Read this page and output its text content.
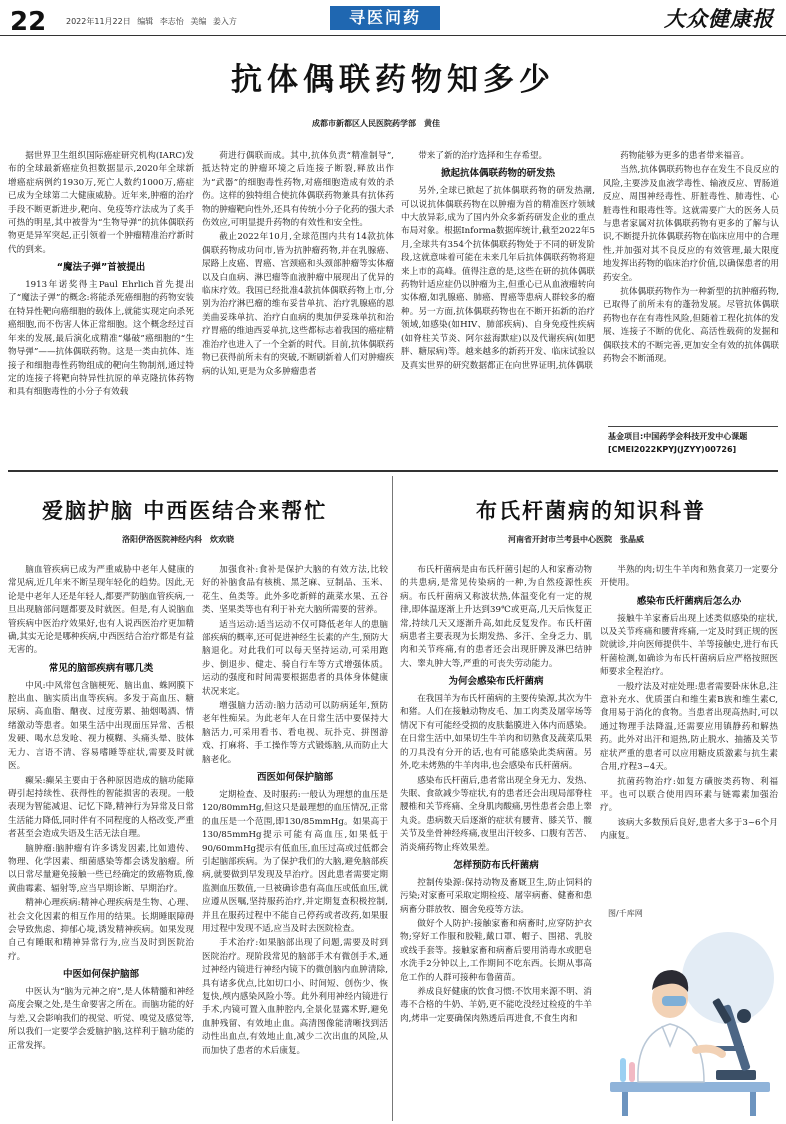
22 2022年11月22日 编辑 李志怡 美编 姜入方	寻医问药	大众健康报
抗体偶联药物知多少
成都市新都区人民医院药学部　黄佳

据世界卫生组织国际癌症研究机构(IARC)发布的全球最新癌症负担数据显示,2020年全球新增癌症病例约1930万,死亡人数约1000万,癌症已成为全球第二大健康威胁。近年来,肿瘤的治疗手段不断更新进步,靶向、免疫等疗法成为了炙手可热的明星,其中被誉为“生物导弹”的抗体偶联药物更是异军突起,正引领着一个肿瘤精准治疗新时代的到来。

“魔法子弹”首被提出

1913年诺奖得主Paul Ehrlich首先提出了“魔法子弹”的概念:将能杀死癌细胞的药物安装在特异性靶向癌细胞的载体上,就能实现定向杀死癌细胞,而不伤害人体正常细胞。这个概念经过百年来的发展,最后演化成精准“爆破”癌细胞的“生物导弹”——抗体偶联药物。这是一类由抗体、连接子和细胞毒性药物组成的靶向生物制剂,通过特定的连接子将靶向特异性抗原的单克隆抗体药物和具有细胞毒性的小分子有效载

荷进行偶联而成。其中,抗体负责“精准制导”,抵达特定的肿瘤环境之后连接子断裂,释放出作为“武器”的细胞毒性药物,对癌细胞造成有效的杀伤。这样的独特组合使抗体偶联药物兼具有抗体药物的肿瘤靶向性外,还具有传统小分子化药的强大杀伤效应,可明显提升药物的有效性和安全性。

截止2022年10月,全球范围内共有14款抗体偶联药物成功问市,皆为抗肿瘤药物,并在乳腺癌、尿路上皮癌、胃癌、宫颈癌和头颈部肿瘤等实体瘤以及白血病、淋巴瘤等血液肿瘤中展现出了优异的临床疗效。我国已经批准4款抗体偶联药物上市,分别为治疗淋巴瘤的维布妥昔单抗、治疗乳腺癌的恩美曲妥珠单抗、治疗白血病的奥加伊妥珠单抗和治疗胃癌的维迪西妥单抗,这些都标志着我国的癌症精准治疗也进入了一个全新的时代。目前,抗体偶联药物已获得前所未有的突破,不断刷新着人们对肿瘤疾病的认知,更是为众多肿瘤患者

带来了新的治疗选择和生存希望。

掀起抗体偶联药物的研发热

另外,全球已掀起了抗体偶联药物的研发热潮,可以说抗体偶联药物在以肿瘤为首的精准医疗领域中大放异彩,成为了国内外众多新药研发企业的重点布局对象。根据Informa数据库统计,截至2022年5月,全球共有354个抗体偶联药物处于不同的研发阶段,这就意味着可能在未来几年后抗体偶联药物将迎来上市的高峰。值得注意的是,这些在研的抗体偶联药物针适应症仍以肿瘤为主,但重心已从血液瘤转向实体瘤,如乳腺癌、肺癌、胃癌等患病人群较多的瘤种。另一方面,抗体偶联药物也在不断开拓新的治疗领域,如感染(如HIV、肺部疾病)、自身免疫性疾病(如脊柱关节炎、阿尔兹海默症)以及代谢疾病(如肥胖、糖尿病)等。越来越多的新药开发、临床试验以及真实世界的研究数据都正在向世界证明,抗体偶联

药物能够为更多的患者带来福音。

当然,抗体偶联药物也存在发生不良反应的风险,主要涉及血液学毒性、输液反应、胃肠道反应、周围神经毒性、肝脏毒性、肺毒性、心脏毒性和眼毒性等。这就需要广大的医务人员与患者家属对抗体偶联药物有更多的了解与认识,不断提升抗体偶联药物在临床应用中的合理性,并加强对其不良反应的有效管理,最大限度地发挥出药物的临床治疗价值,以确保患者的用药安全。

抗体偶联药物作为一种新型的抗肿瘤药物,已取得了前所未有的蓬勃发展。尽管抗体偶联药物也存在有毒性风险,但随着工程化抗体的发展、连接子不断的优化、高活性载荷的发掘和偶联技术的不断完善,更加安全有效的抗体偶联药物会不断涌现。

基金项目:中国药学会科技开发中心课题[CMEI2022KPYJ(JZYY)00726]
爱脑护脑 中西医结合来帮忙
洛阳伊洛医院神经内科　炊欢晓

脑血管疾病已成为严重威胁中老年人健康的常见病,近几年来不断呈现年轻化的趋势。因此,无论是中老年人还是年轻人,都要严防脑血管疾病,一旦出现脑部问题都要及时就医。但是,有人说脑血管疾病中医治疗效果好,也有人说西医治疗更加精确,其实无论是哪种疾病,中西医结合治疗都是有益无害的。

常见的脑部疾病有哪几类

中风:中风常包含脑梗死、脑出血、蛛网膜下腔出血、脑实质出血等疾病。多发于高血压、糖尿病、高血脂、酗夜、过度劳累、抽烟喝酒、情绪激动等患者。如果生活中出现面压异常、舌根发硬、喝水总发呛、视力模糊、头痛头晕、肢体无力、言语不清、容易嗜睡等症状,需要及时就医。

癫呆:癫呆主要由于各种原因造成的脑功能障碍引起持续性、获得性的智能损害的表现。一般表现为智能减退、记忆下降,精神行为异常及日常生活能力降低,同时伴有不同程度的人格改变,严重者甚至会造成失语及生活无法自理。

脑肿瘤:脑肿瘤有许多诱发因素,比如遗传、物理、化学因素、细菌感染等都会诱发脑瘤。所以日常尽量避免接触一些已经确定的致癌物质,像黄曲霉素、辐射等,应当早期诊断、早期治疗。

精神心理疾病:精神心理疾病是生物、心理、社会文化因素的相互作用的结果。长期睡眠障碍会导致焦虑、抑郁心境,诱发精神疾病。如果发现自己有睡眠和精神异常行为,应当及时到医院治疗。

中医如何保护脑部

中医认为“脑为元神之府”,是人体精髓和神经高度会聚之处,是生命要害之所在。而脑功能的好与差,又会影响我们的视觉、听觉、嗅觉及感觉等,所以我们一定要学会爱脑护脑,这样利于脑功能的正常发挥。

加强食补:食补是保护大脑的有效方法,比较好的补脑食品有核桃、黑芝麻、豆制品、玉米、花生、鱼类等。此外多吃新鲜的蔬菜水果、五谷类、坚果类等也有利于补充大脑所需要的营养。

适当运动:适当运动不仅可降低老年人的患脑部疾病的概率,还可促进神经生长素的产生,预防大脑退化。对此我们可以每天坚持运动,可采用跑步、倒退步、健走、骑自行车等方式增强体质。运动的强度和时间需要根据患者的具体身体健康状况来定。

增强脑力活动:脑力活动可以防病延年,预防老年性痴呆。为此老年人在日常生活中要保持大脑活力,可采用看书、看电视、玩扑克、拼图游戏、打麻将、手工操作等方式锻炼脑,从而防止大脑老化。

西医如何保护脑部

定期检查、及时服药:一般认为理想的血压是120/80mmHg,但这只是最理想的血压情况,正常的血压是一个范围,即130/85mmHg。如果高于130/85mmHg提示可能有高血压,如果低于90/60mmHg提示有低血压,血压过高或过低都会引起脑部疾病。为了保护我们的大脑,避免脑部疾病,就要做到早发现及早治疗。因此患者需要定期监测血压数值,一旦被确诊患有高血压或低血压,就应遵从医嘱,坚持服药治疗,并定期复查积极控制,并且在服药过程中不能自己停药或者改药,如果服用过程中发现不适,应当及时去医院检查。

手术治疗:如果脑部出现了问题,需要及时到医院治疗。现阶段常见的脑部手术有微创手术,通过神经内镜进行神经内镜下的微创脑内血肿清除,具有诸多优点,比如切口小、时间短、创伤少、恢复快,颅内感染风险小等。此外利用神经内镜进行手术,内镜可置入血肿腔内,全景化显露术野,避免血肿残留、有效地止血。高清图像能清晰找到活动性出血点,有效地止血,减少二次出血的风险,从而加快了患者的术后康复。

布氏杆菌病的知识科普
河南省开封市兰考县中心医院　张晶威

布氏杆菌病是由布氏杆菌引起的人和家畜动物的共患病,是常见传染病的一种,为自然疫源性疾病。布氏杆菌病又称波状热,体温变化有一定的规律,即体温逐渐上升达到39℃或更高,几天后恢复正常,持续几天又逐渐升高,如此反复发作。布氏杆菌病患者主要表现为长期发热、多汗、全身乏力、肌肉和关节疼痛,有的患者还会出现肝脾及淋巴结肿大、睾丸肿大等,严重的可丧失劳动能力。

为何会感染布氏杆菌病

在我国羊为布氏杆菌病的主要传染源,其次为牛和猪。人们在接触动物皮毛、加工肉类及屠宰场等情况下有可能经受损的皮肤黏膜进入体内而感染。在日常生活中,如果切生牛羊肉和切熟食及蔬菜瓜果的刀具没有分开的话,也有可能感染此类病菌。另外,吃未烤熟的牛羊肉串,也会感染布氏杆菌病。

感染布氏杆菌后,患者常出现全身无力、发热、失眠、食欲减少等症状,有的患者还会出现局部脊柱腰椎和关节疼痛、全身肌肉酸痛,男性患者会患上睾丸炎。患病数天后逐渐的症状有腰背、膝关节、髋关节及坐骨神经疼痛,夜里出汗较多、口腹有苦苦、消炎痛药物止疼效果差。

怎样预防布氏杆菌病

控制传染源:保持动物及畜厩卫生,防止饲料的污染;对家畜可采取定期检疫、屠宰病畜、健畜和患病畜分群放牧、圈舍免疫等方法。

做好个人防护:接触家畜和病畜时,应穿防护衣物;穿好工作服和胶鞋,戴口罩、帽子、围裙、乳胶或线手套等。接触家畜和病畜后要用消毒水或肥皂水洗手2分钟以上,工作期间不吃东西。长期从事高危工作的人群可接种布鲁菌苗。

养成良好健康的饮食习惯:不饮用来源不明、消毒不合格的牛奶、羊奶,更不能吃没经过检疫的牛羊肉,烤串一定要确保肉熟透后再进食,不食生肉和

半熟的肉;切生牛羊肉和熟食菜刀一定要分开使用。

感染布氏杆菌病后怎么办

接触牛羊家畜后出现上述类似感染的症状,以及关节疼痛和腰背疼痛,一定及时到正规的医院就诊,并向医师提供牛、羊等接触史,进行布氏杆菌检测,如确诊为布氏杆菌病后应严格按照医师要求全程治疗。

一般疗法及对症处理:患者需要卧床休息,注意补充水、优质蛋白和维生素B族和维生素C,食用易于消化的食物。当患者出现高热时,可以通过物理手法降温,还需要应用镇静药和解热药。此外对出汗和退热,防止脱水、抽搐及关节症状严重的患者可以应用糖皮质激素与抗生素合用,疗程3~4天。

抗菌药物治疗:如复方磺胺类药物、利福平。也可以联合使用四环素与链霉素加强治疗。

该病大多数预后良好,患者大多于3~6个月内康复。

图/千库网
